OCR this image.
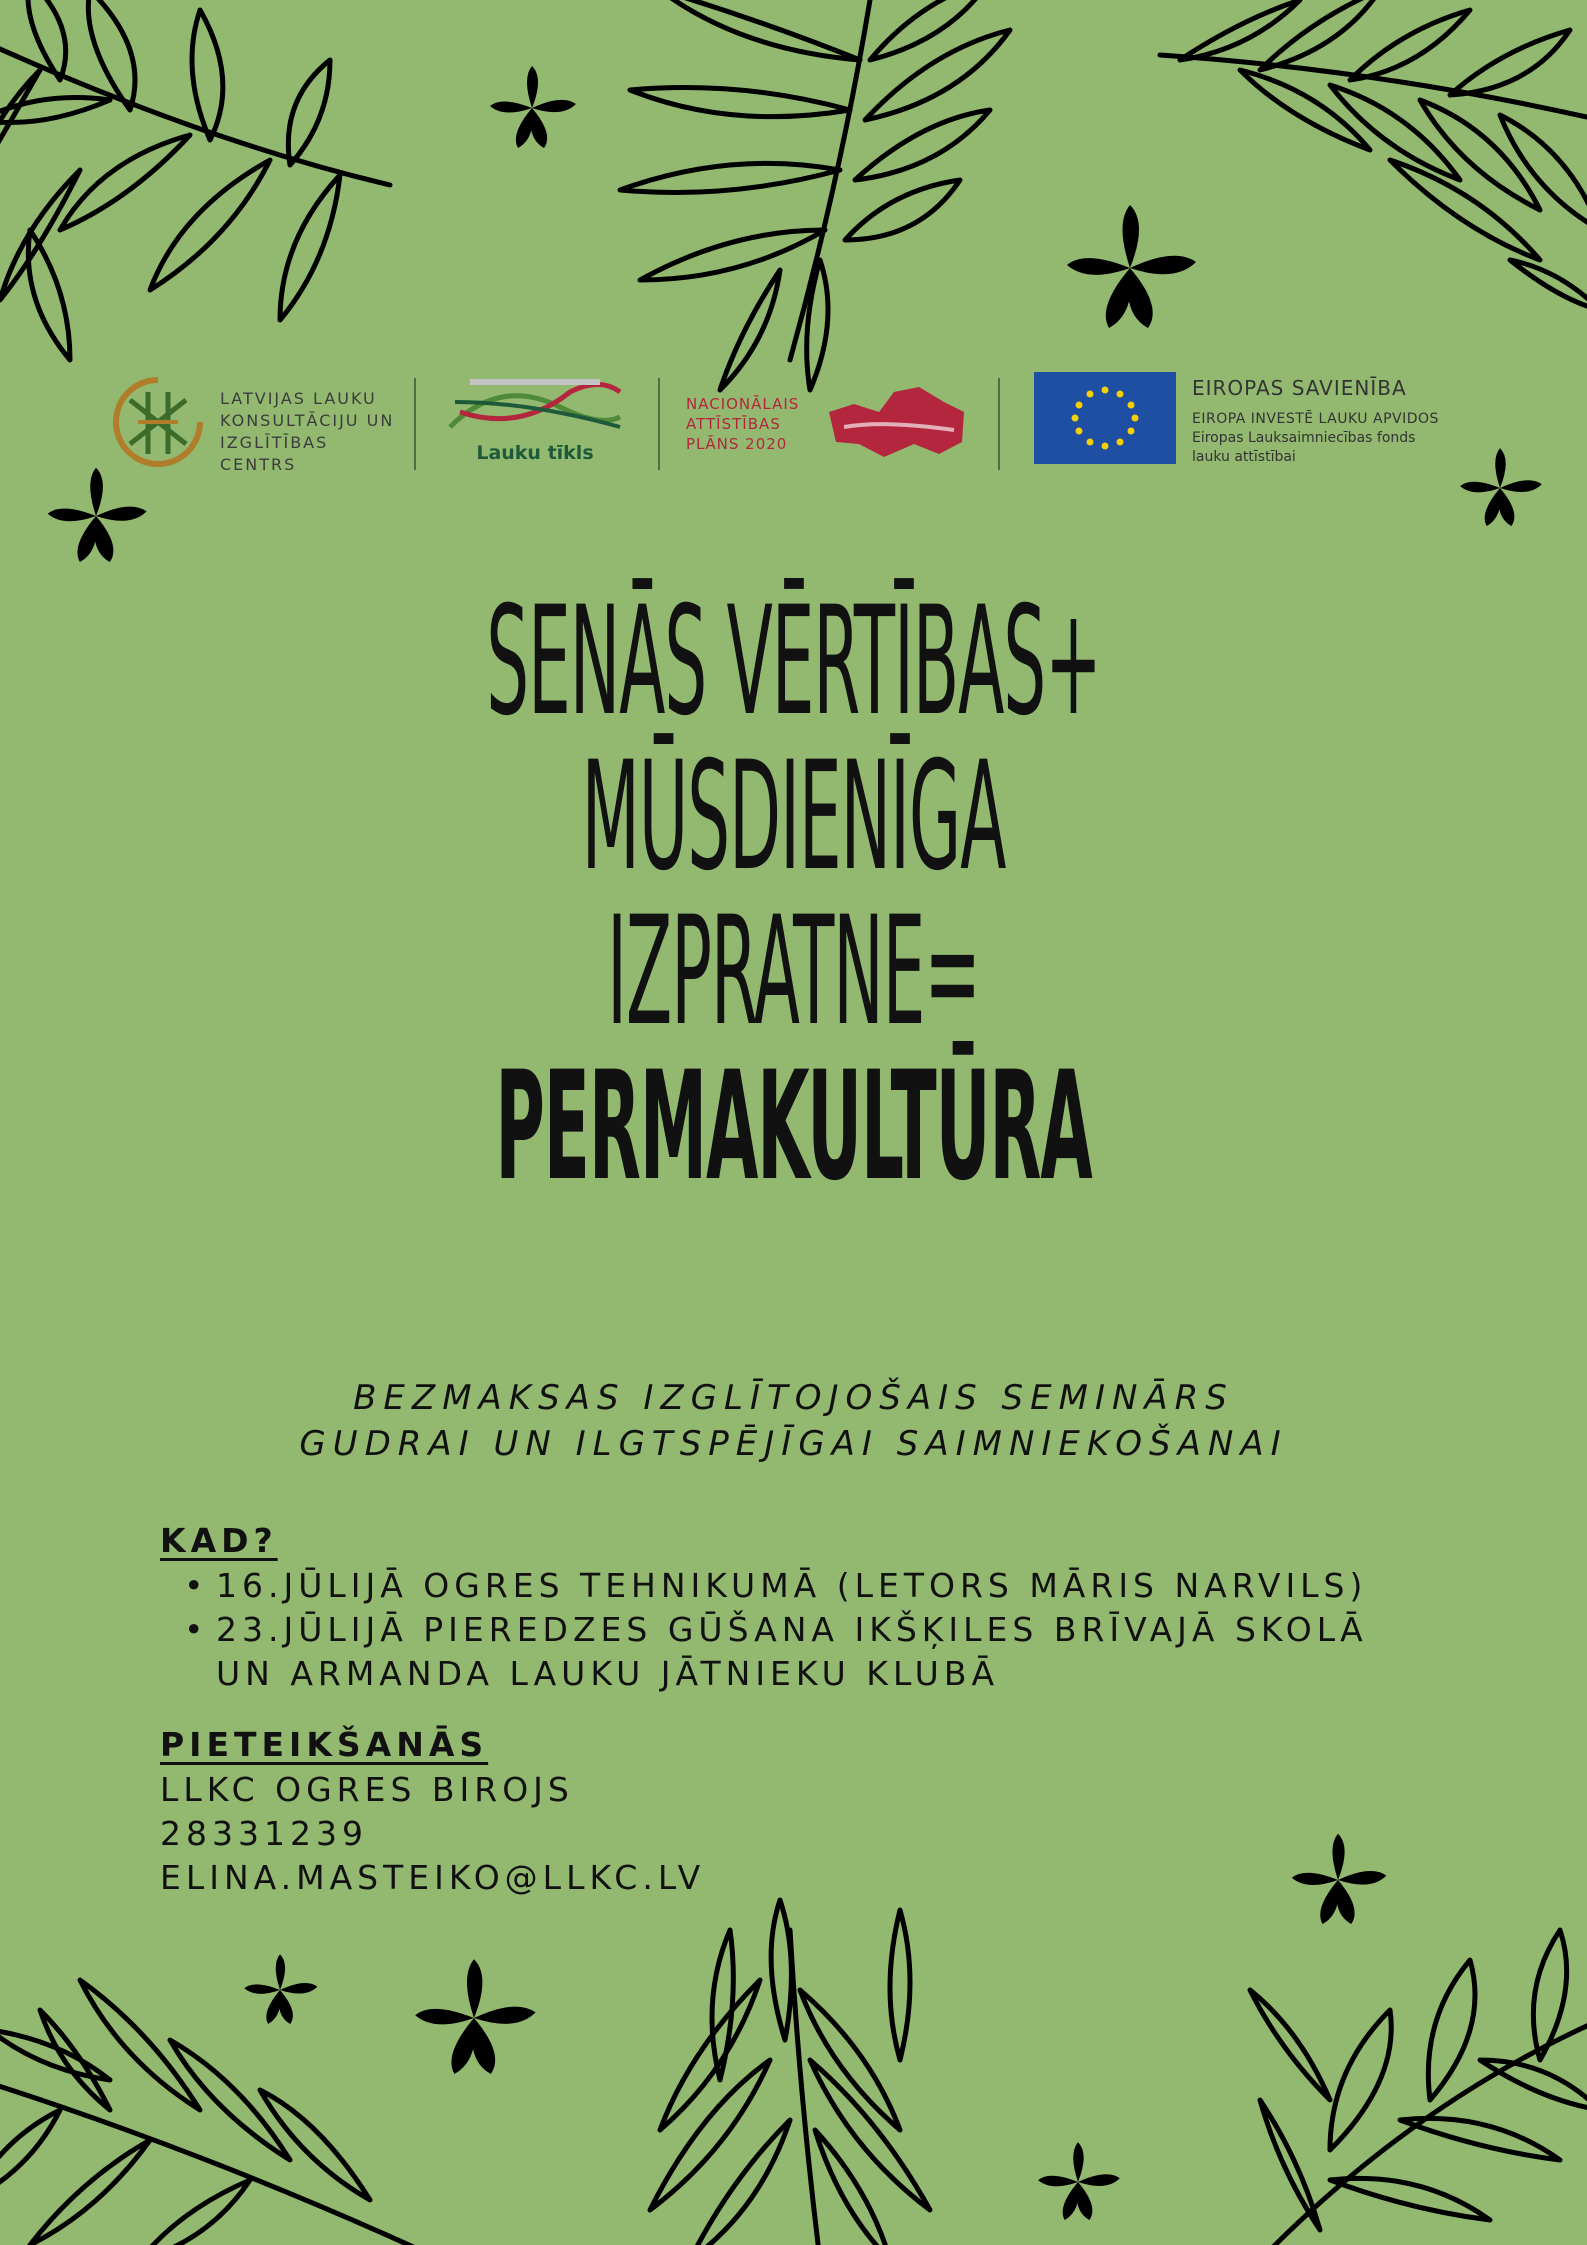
LATVIJAS LAUKU
KONSULTĀCIJU UN
IZGLĪTĪBAS CENTRS
Lauku tīkls
NACIONĀLAIS
ATTĪSTĪBAS
PLĀNS 2020
EIROPAS SAVIENĪBA
EIROPA INVESTĒ LAUKU APVIDOS
Eiropas Lauksaimniecības fonds
lauku attīstībai
SENĀS VĒRTĪBAS+
MŪSDIENĪGA
IZPRATNE=
PERMAKULTŪRA
BEZMAKSAS IZGLĪTOJOŠAIS SEMINĀRS
GUDRAI UN ILGTSPĒJĪGAI SAIMNIEKOŠANAI
KAD?
• 16.JŪLIJĀ OGRES TEHNIKUMĀ (LETORS MĀRIS NARVILS)
• 23.JŪLIJĀ PIEREDZES GŪŠANA IKŠĶILES BRĪVAJĀ SKOLĀ UN ARMANDA LAUKU JĀTNIEKU KLUBĀ
PIETEIKŠANĀS
LLKC OGRES BIROJS
28331239
ELINA.MASTEIKO@LLKC.LV
